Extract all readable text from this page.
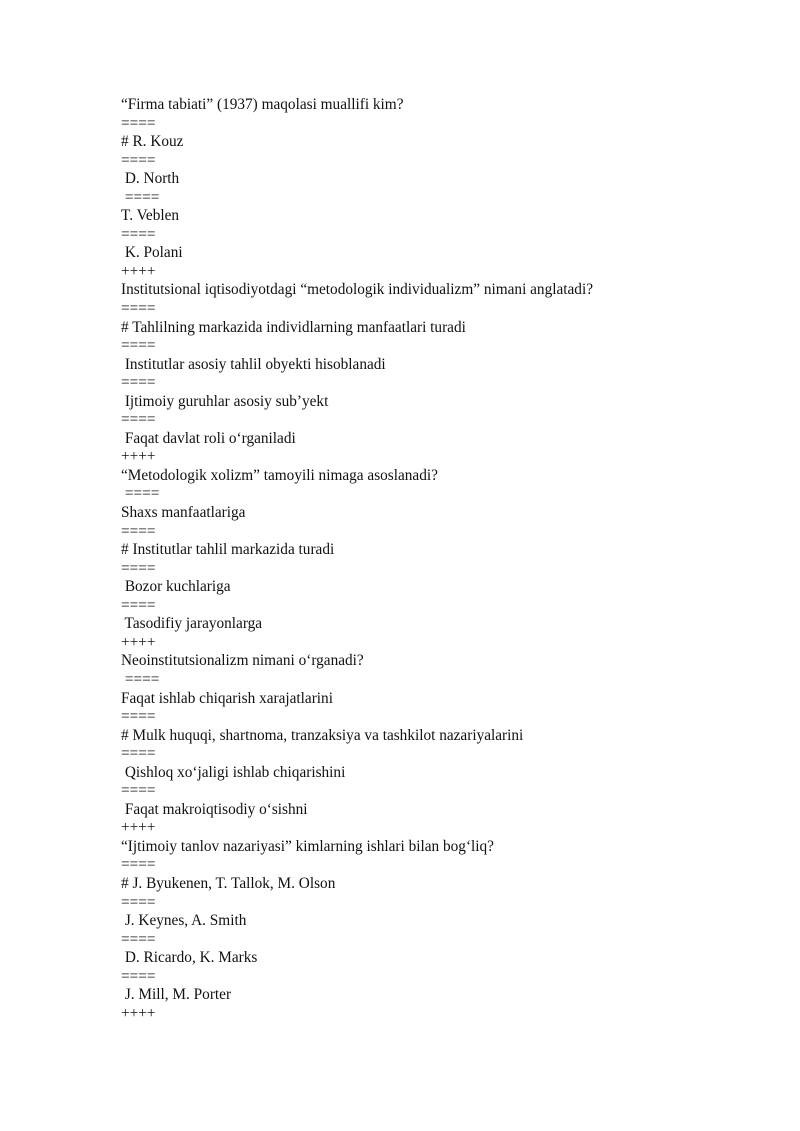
“Firma tabiati” (1937) maqolasi muallifi kim?
====
# R. Kouz
====
D. North
====
T. Veblen
====
K. Polani
++++
Institutsional iqtisodiyotdagi “metodologik individualizm” nimani anglatadi?
====
# Tahlilning markazida individlarning manfaatlari turadi
====
Institutlar asosiy tahlil obyekti hisoblanadi
====
Ijtimoiy guruhlar asosiy sub’yekt
====
Faqat davlat roli o‘rganiladi
++++
“Metodologik xolizm” tamoyili nimaga asoslanadi?
====
Shaxs manfaatlariga
====
# Institutlar tahlil markazida turadi
====
Bozor kuchlariga
====
Tasodifiy jarayonlarga
++++
Neoinstitutsionalizm nimani o‘rganadi?
====
Faqat ishlab chiqarish xarajatlarini
====
# Mulk huquqi, shartnoma, tranzaksiya va tashkilot nazariyalarini
====
Qishloq xo‘jaligi ishlab chiqarishini
====
Faqat makroiqtisodiy o‘sishni
++++
“Ijtimoiy tanlov nazariyasi” kimlarning ishlari bilan bog‘liq?
====
# J. Byukenen, T. Tallok, M. Olson
====
J. Keynes, A. Smith
====
D. Ricardo, K. Marks
====
J. Mill, M. Porter
++++
